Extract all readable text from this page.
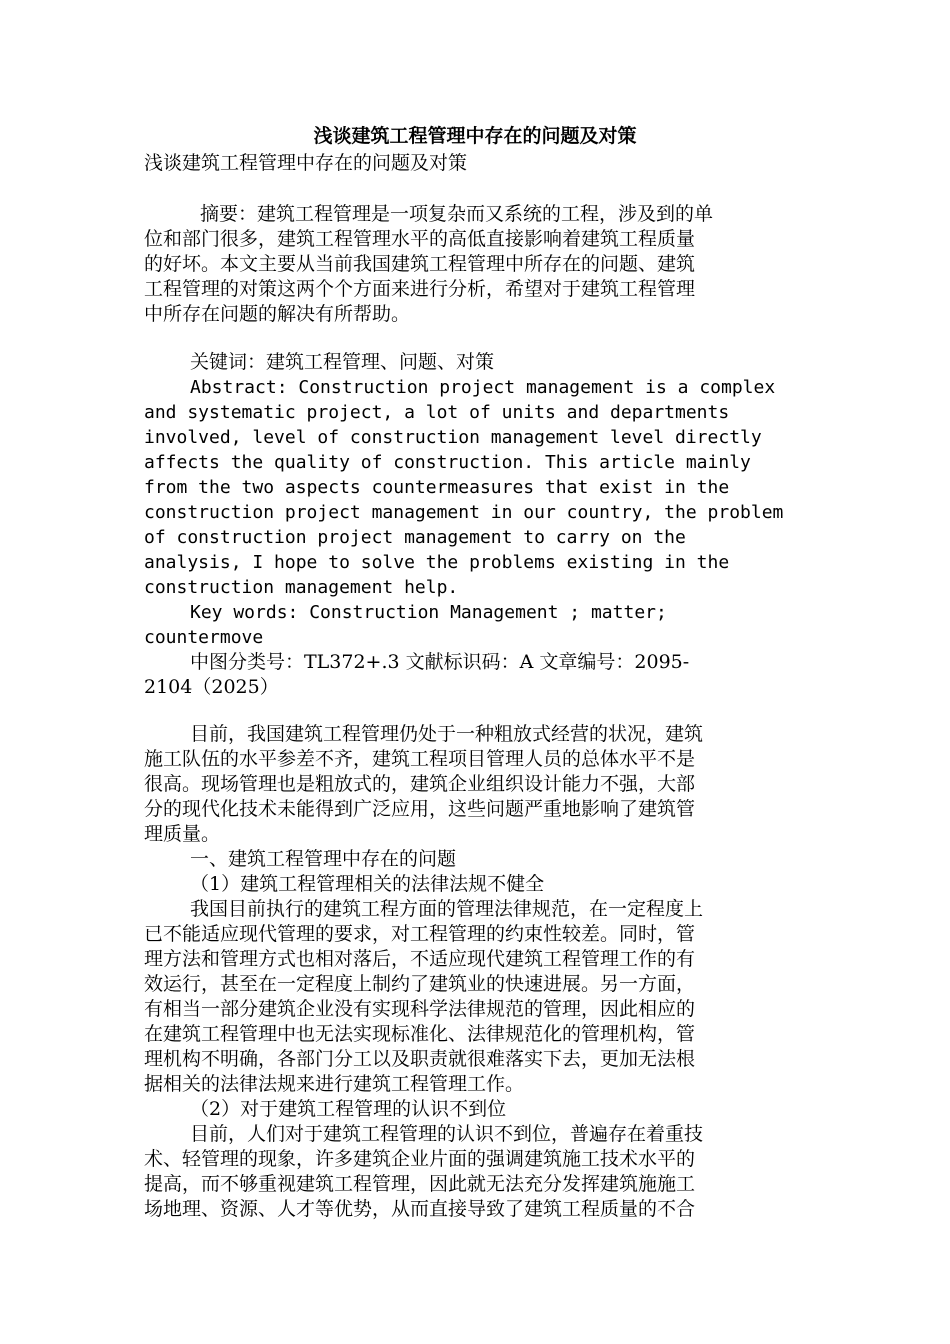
浅谈建筑工程管理中存在的问题及对策
浅谈建筑工程管理中存在的问题及对策
摘要：建筑工程管理是一项复杂而又系统的工程，涉及到的单
位和部门很多，建筑工程管理水平的高低直接影响着建筑工程质量
的好坏。本文主要从当前我国建筑工程管理中所存在的问题、建筑
工程管理的对策这两个个方面来进行分析，希望对于建筑工程管理
中所存在问题的解决有所帮助。
关键词：建筑工程管理、问题、对策
Abstract: Construction project management is a complex
and systematic project, a lot of units and departments
involved, level of construction management level directly
affects the quality of construction. This article mainly
from the two aspects countermeasures that exist in the
construction project management in our country, the problem
of construction project management to carry on the
analysis, I hope to solve the problems existing in the
construction management help.
Key words: Construction Management ; matter;
countermove
中图分类号：TL372+.3 文献标识码：A 文章编号：2095-
2104（2025）
目前，我国建筑工程管理仍处于一种粗放式经营的状况，建筑
施工队伍的水平参差不齐，建筑工程项目管理人员的总体水平不是
很高。现场管理也是粗放式的，建筑企业组织设计能力不强，大部
分的现代化技术未能得到广泛应用，这些问题严重地影响了建筑管
理质量。
一、建筑工程管理中存在的问题
（1）建筑工程管理相关的法律法规不健全
我国目前执行的建筑工程方面的管理法律规范，在一定程度上
已不能适应现代管理的要求，对工程管理的约束性较差。同时，管
理方法和管理方式也相对落后，不适应现代建筑工程管理工作的有
效运行，甚至在一定程度上制约了建筑业的快速进展。另一方面，
有相当一部分建筑企业没有实现科学法律规范的管理，因此相应的
在建筑工程管理中也无法实现标准化、法律规范化的管理机构，管
理机构不明确，各部门分工以及职责就很难落实下去，更加无法根
据相关的法律法规来进行建筑工程管理工作。
（2）对于建筑工程管理的认识不到位
目前，人们对于建筑工程管理的认识不到位，普遍存在着重技
术、轻管理的现象，许多建筑企业片面的强调建筑施工技术水平的
提高，而不够重视建筑工程管理，因此就无法充分发挥建筑施施工
场地理、资源、人才等优势，从而直接导致了建筑工程质量的不合
